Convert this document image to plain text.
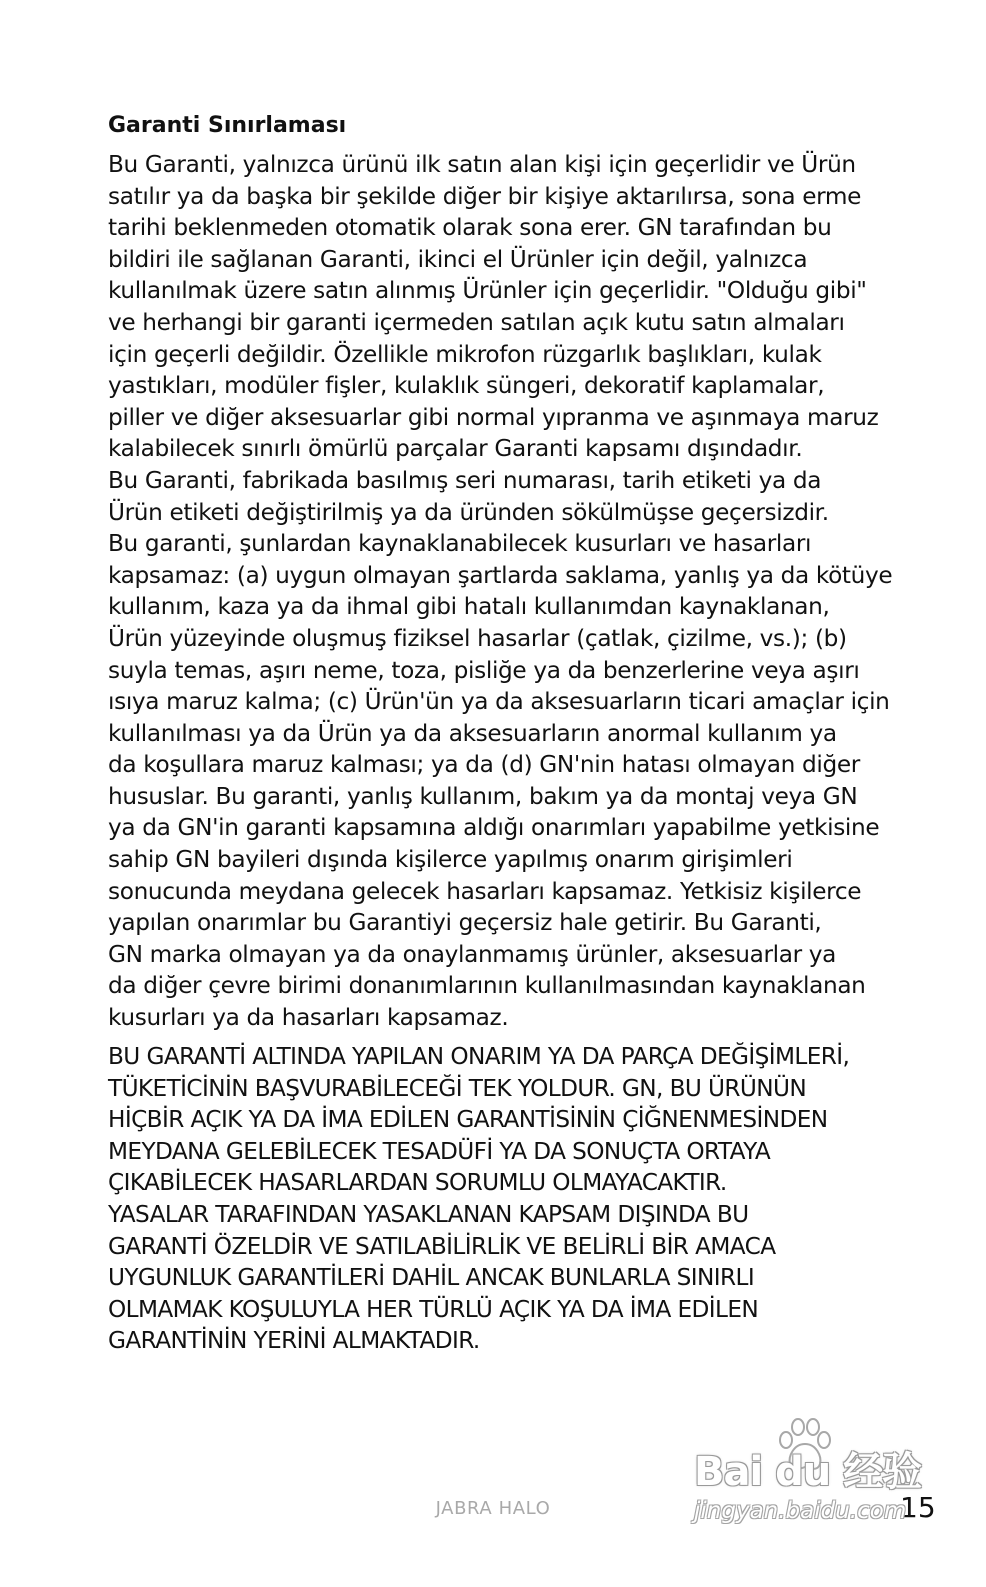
Garanti Sınırlaması

Bu Garanti, yalnızca ürünü ilk satın alan kişi için geçerlidir ve Ürün
satılır ya da başka bir şekilde diğer bir kişiye aktarılırsa, sona erme
tarihi beklenmeden otomatik olarak sona erer. GN tarafından bu
bildiri ile sağlanan Garanti, ikinci el Ürünler için değil, yalnızca
kullanılmak üzere satın alınmış Ürünler için geçerlidir. "Olduğu gibi"
ve herhangi bir garanti içermeden satılan açık kutu satın almaları
için geçerli değildir. Özellikle mikrofon rüzgarlık başlıkları, kulak
yastıkları, modüler fişler, kulaklık süngeri, dekoratif kaplamalar,
piller ve diğer aksesuarlar gibi normal yıpranma ve aşınmaya maruz
kalabilecek sınırlı ömürlü parçalar Garanti kapsamı dışındadır.
Bu Garanti, fabrikada basılmış seri numarası, tarih etiketi ya da
Ürün etiketi değiştirilmiş ya da üründen sökülmüşse geçersizdir.
Bu garanti, şunlardan kaynaklanabilecek kusurları ve hasarları
kapsamaz: (a) uygun olmayan şartlarda saklama, yanlış ya da kötüye
kullanım, kaza ya da ihmal gibi hatalı kullanımdan kaynaklanan,
Ürün yüzeyinde oluşmuş fiziksel hasarlar (çatlak, çizilme, vs.); (b)
suyla temas, aşırı neme, toza, pisliğe ya da benzerlerine veya aşırı
ısıya maruz kalma; (c) Ürün'ün ya da aksesuarların ticari amaçlar için
kullanılması ya da Ürün ya da aksesuarların anormal kullanım ya
da koşullara maruz kalması; ya da (d) GN'nin hatası olmayan diğer
hususlar. Bu garanti, yanlış kullanım, bakım ya da montaj veya GN
ya da GN'in garanti kapsamına aldığı onarımları yapabilme yetkisine
sahip GN bayileri dışında kişilerce yapılmış onarım girişimleri
sonucunda meydana gelecek hasarları kapsamaz. Yetkisiz kişilerce
yapılan onarımlar bu Garantiyi geçersiz hale getirir. Bu Garanti,
GN marka olmayan ya da onaylanmamış ürünler, aksesuarlar ya
da diğer çevre birimi donanımlarının kullanılmasından kaynaklanan
kusurları ya da hasarları kapsamaz.

BU GARANTİ ALTINDA YAPILAN ONARIM YA DA PARÇA DEĞİŞİMLERİ,
TÜKETİCİNİN BAŞVURABİLECEĞİ TEK YOLDUR. GN, BU ÜRÜNÜN
HİÇBİR AÇIK YA DA İMA EDİLEN GARANTİSİNİN ÇİĞNENMESİNDEN
MEYDANA GELEBİLECEK TESADÜFİ YA DA SONUÇTA ORTAYA
ÇIKABİLECEK HASARLARDAN SORUMLU OLMAYACAKTIR.
YASALAR TARAFINDAN YASAKLANAN KAPSAM DIŞINDA BU
GARANTİ ÖZELDİR VE SATILABİLİRLİK VE BELİRLİ BİR AMACA
UYGUNLUK GARANTİLERİ DAHİL ANCAK BUNLARLA SINIRLI
OLMAMAK KOŞULUYLA HER TÜRLÜ AÇIK YA DA İMA EDİLEN
GARANTİNİN YERİNİ ALMAKTADIR.

JABRA HALO	15
Bai du 经验
jingyan.baidu.com
